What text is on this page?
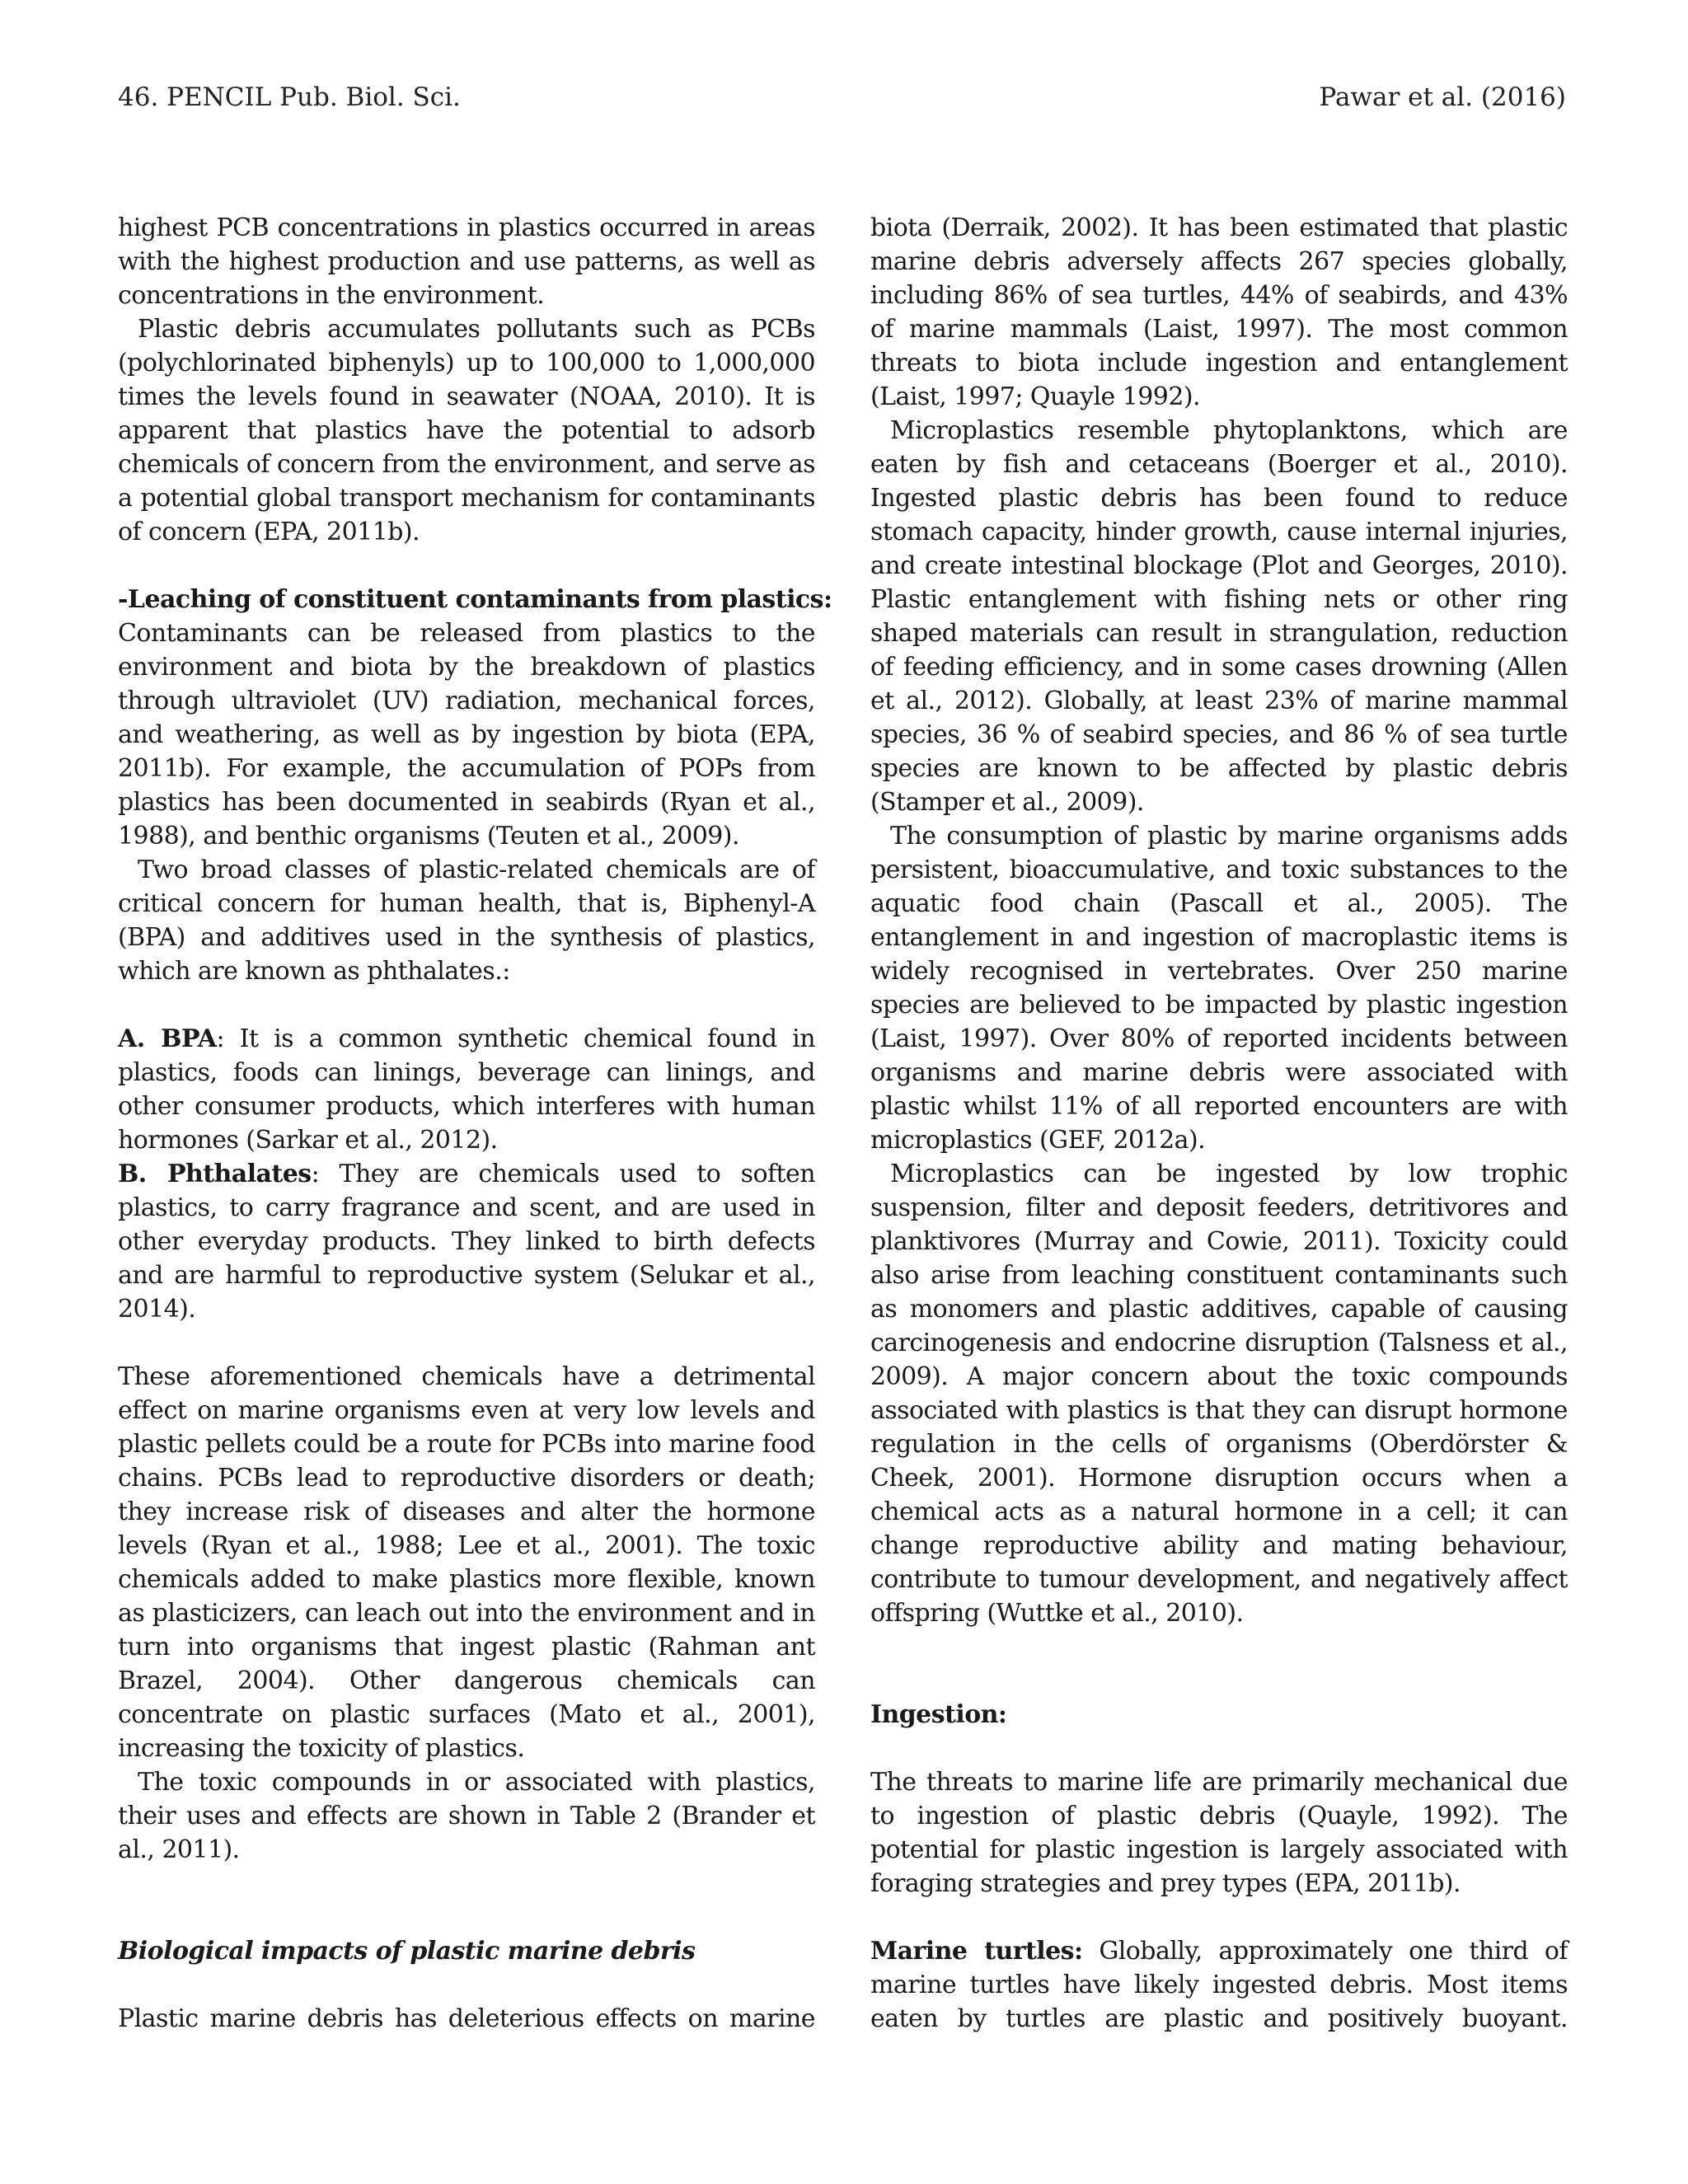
46. PENCIL Pub. Biol. Sci.	Pawar et al. (2016)
highest PCB concentrations in plastics occurred in areas
with the highest production and use patterns, as well as
concentrations in the environment.
Plastic debris accumulates pollutants such as PCBs
(polychlorinated biphenyls) up to 100,000 to 1,000,000
times the levels found in seawater (NOAA, 2010). It is
apparent that plastics have the potential to adsorb
chemicals of concern from the environment, and serve as
a potential global transport mechanism for contaminants
of concern (EPA, 2011b).
-Leaching of constituent contaminants from plastics:
Contaminants can be released from plastics to the
environment and biota by the breakdown of plastics
through ultraviolet (UV) radiation, mechanical forces,
and weathering, as well as by ingestion by biota (EPA,
2011b). For example, the accumulation of POPs from
plastics has been documented in seabirds (Ryan et al.,
1988), and benthic organisms (Teuten et al., 2009).
Two broad classes of plastic-related chemicals are of
critical concern for human health, that is, Biphenyl-A
(BPA) and additives used in the synthesis of plastics,
which are known as phthalates.:
A. BPA: It is a common synthetic chemical found in
plastics, foods can linings, beverage can linings, and
other consumer products, which interferes with human
hormones (Sarkar et al., 2012).
B. Phthalates: They are chemicals used to soften
plastics, to carry fragrance and scent, and are used in
other everyday products. They linked to birth defects
and are harmful to reproductive system (Selukar et al.,
2014).
These aforementioned chemicals have a detrimental
effect on marine organisms even at very low levels and
plastic pellets could be a route for PCBs into marine food
chains. PCBs lead to reproductive disorders or death;
they increase risk of diseases and alter the hormone
levels (Ryan et al., 1988; Lee et al., 2001). The toxic
chemicals added to make plastics more flexible, known
as plasticizers, can leach out into the environment and in
turn into organisms that ingest plastic (Rahman ant
Brazel, 2004). Other dangerous chemicals can
concentrate on plastic surfaces (Mato et al., 2001),
increasing the toxicity of plastics.
The toxic compounds in or associated with plastics,
their uses and effects are shown in Table 2 (Brander et
al., 2011).
Biological impacts of plastic marine debris
Plastic marine debris has deleterious effects on marine
biota (Derraik, 2002). It has been estimated that plastic
marine debris adversely affects 267 species globally,
including 86% of sea turtles, 44% of seabirds, and 43%
of marine mammals (Laist, 1997). The most common
threats to biota include ingestion and entanglement
(Laist, 1997; Quayle 1992).
Microplastics resemble phytoplanktons, which are
eaten by fish and cetaceans (Boerger et al., 2010).
Ingested plastic debris has been found to reduce
stomach capacity, hinder growth, cause internal injuries,
and create intestinal blockage (Plot and Georges, 2010).
Plastic entanglement with fishing nets or other ring
shaped materials can result in strangulation, reduction
of feeding efficiency, and in some cases drowning (Allen
et al., 2012). Globally, at least 23% of marine mammal
species, 36 % of seabird species, and 86 % of sea turtle
species are known to be affected by plastic debris
(Stamper et al., 2009).
The consumption of plastic by marine organisms adds
persistent, bioaccumulative, and toxic substances to the
aquatic food chain (Pascall et al., 2005). The
entanglement in and ingestion of macroplastic items is
widely recognised in vertebrates. Over 250 marine
species are believed to be impacted by plastic ingestion
(Laist, 1997). Over 80% of reported incidents between
organisms and marine debris were associated with
plastic whilst 11% of all reported encounters are with
microplastics (GEF, 2012a).
Microplastics can be ingested by low trophic
suspension, filter and deposit feeders, detritivores and
planktivores (Murray and Cowie, 2011). Toxicity could
also arise from leaching constituent contaminants such
as monomers and plastic additives, capable of causing
carcinogenesis and endocrine disruption (Talsness et al.,
2009). A major concern about the toxic compounds
associated with plastics is that they can disrupt hormone
regulation in the cells of organisms (Oberdörster &
Cheek, 2001). Hormone disruption occurs when a
chemical acts as a natural hormone in a cell; it can
change reproductive ability and mating behaviour,
contribute to tumour development, and negatively affect
offspring (Wuttke et al., 2010).
Ingestion:
The threats to marine life are primarily mechanical due
to ingestion of plastic debris (Quayle, 1992). The
potential for plastic ingestion is largely associated with
foraging strategies and prey types (EPA, 2011b).
Marine turtles: Globally, approximately one third of
marine turtles have likely ingested debris. Most items
eaten by turtles are plastic and positively buoyant.
